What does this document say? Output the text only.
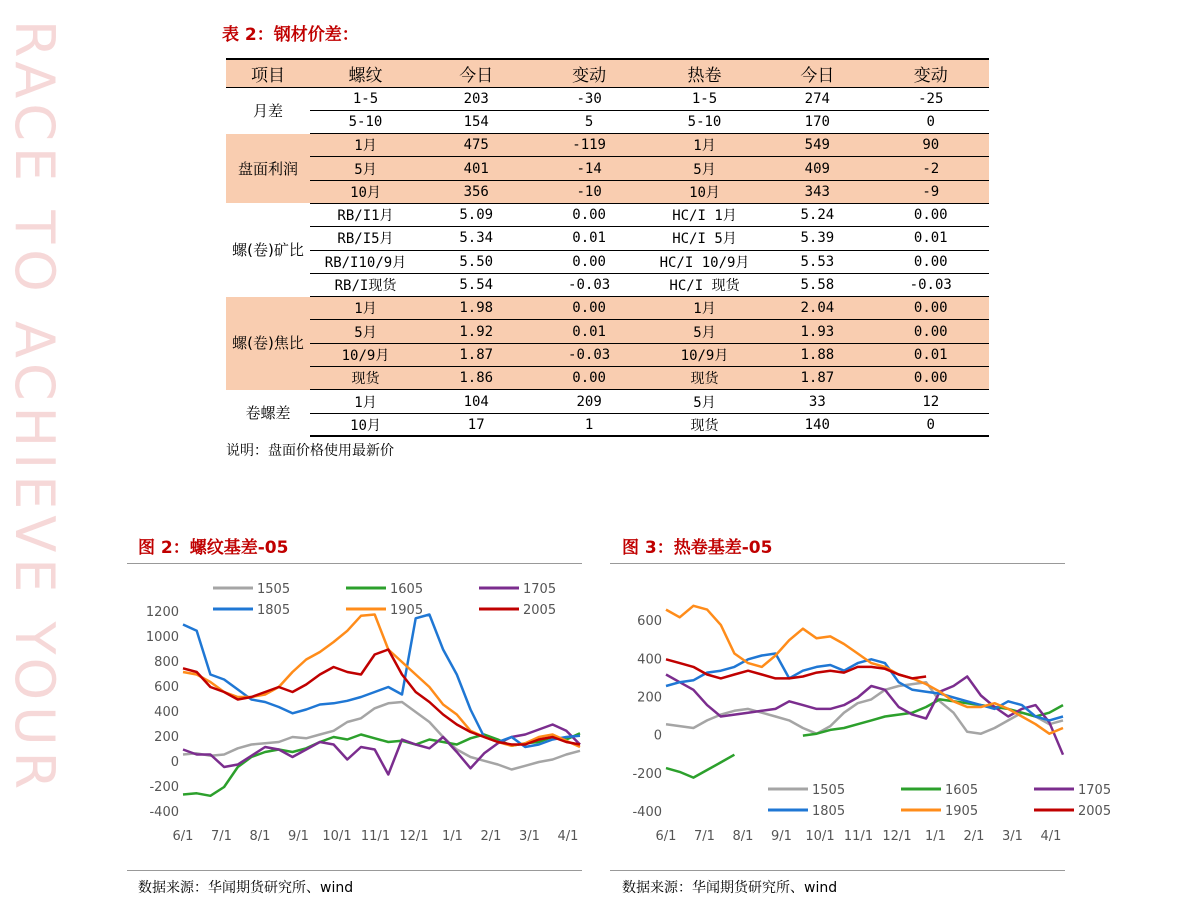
RACE TO ACHIEVE YOUR	表 2：钢材价差：
项目	螺纹	今日	变动	热卷	今日	变动
月差	1-5	203	-30	1-5	274	-25
	5-10	154	5	5-10	170	0
盘面利润	1月	475	-119	1月	549	90
	5月	401	-14	5月	409	-2
	10月	356	-10	10月	343	-9
螺(卷)矿比	RB/I1月	5.09	0.00	HC/I 1月	5.24	0.00
	RB/I5月	5.34	0.01	HC/I 5月	5.39	0.01
	RB/I10/9月	5.50	0.00	HC/I 10/9月	5.53	0.00
	RB/I现货	5.54	-0.03	HC/I 现货	5.58	-0.03
螺(卷)焦比	1月	1.98	0.00	1月	2.04	0.00
	5月	1.92	0.01	5月	1.93	0.00
	10/9月	1.87	-0.03	10/9月	1.88	0.01
	现货	1.86	0.00	现货	1.87	0.00
卷螺差	1月	104	209	5月	33	12
	10月	17	1	现货	140	0
说明：盘面价格使用最新价
图 2：螺纹基差-05
-400
-200
0
200
400
600
800
1000
1200
6/1 7/1 8/1 9/1 10/1 11/1 12/1 1/1 2/1 3/1 4/1
1505	1605	1705
1805	1905	2005
数据来源：华闻期货研究所、wind
图 3：热卷基差-05
-400
-200
0
200
400
600
6/1 7/1 8/1 9/1 10/1 11/1 12/1 1/1 2/1 3/1 4/1
1505	1605	1705
1805	1905	2005
数据来源：华闻期货研究所、wind
